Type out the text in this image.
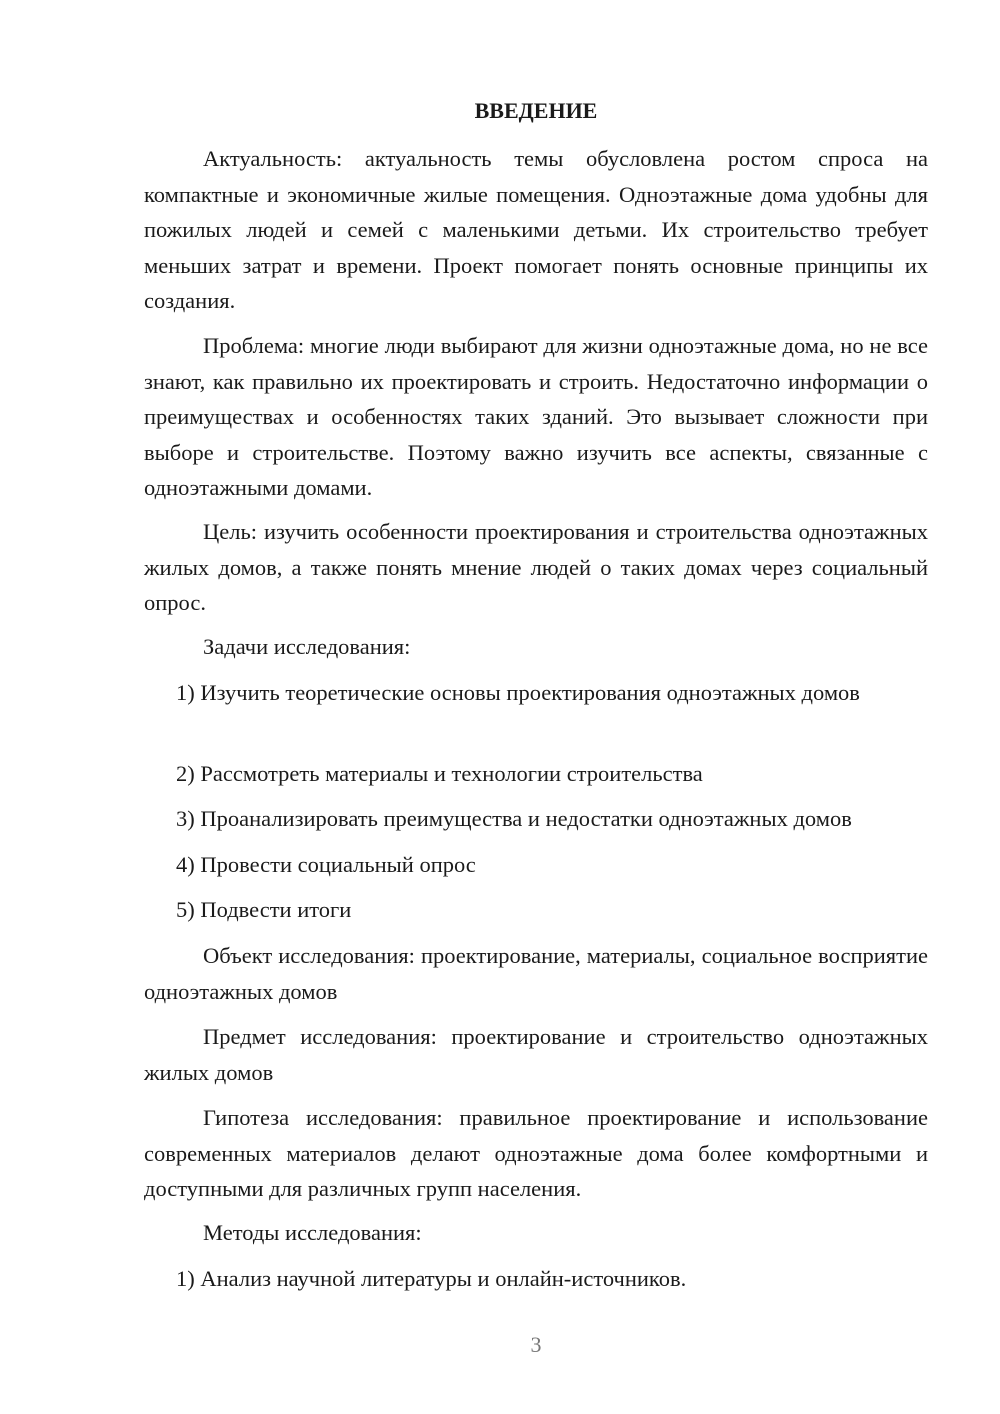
ВВЕДЕНИЕ

Актуальность: актуальность темы обусловлена ростом спроса на компактные и экономичные жилые помещения. Одноэтажные дома удобны для пожилых людей и семей с маленькими детьми. Их строительство требует меньших затрат и времени. Проект помогает понять основные принципы их создания.

Проблема: многие люди выбирают для жизни одноэтажные дома, но не все знают, как правильно их проектировать и строить. Недостаточно информации о преимуществах и особенностях таких зданий. Это вызывает сложности при выборе и строительстве. Поэтому важно изучить все аспекты, связанные с одноэтажными домами.

Цель: изучить особенности проектирования и строительства одноэтажных жилых домов, а также понять мнение людей о таких домах через социальный опрос.

Задачи исследования:

1) Изучить теоретические основы проектирования одноэтажных домов

2) Рассмотреть материалы и технологии строительства

3) Проанализировать преимущества и недостатки одноэтажных домов

4) Провести социальный опрос

5) Подвести итоги

Объект исследования: проектирование, материалы, социальное восприятие одноэтажных домов

Предмет исследования: проектирование и строительство одноэтажных жилых домов

Гипотеза исследования: правильное проектирование и использование современных материалов делают одноэтажные дома более комфортными и доступными для различных групп населения.

Методы исследования:

1) Анализ научной литературы и онлайн-источников.

3
